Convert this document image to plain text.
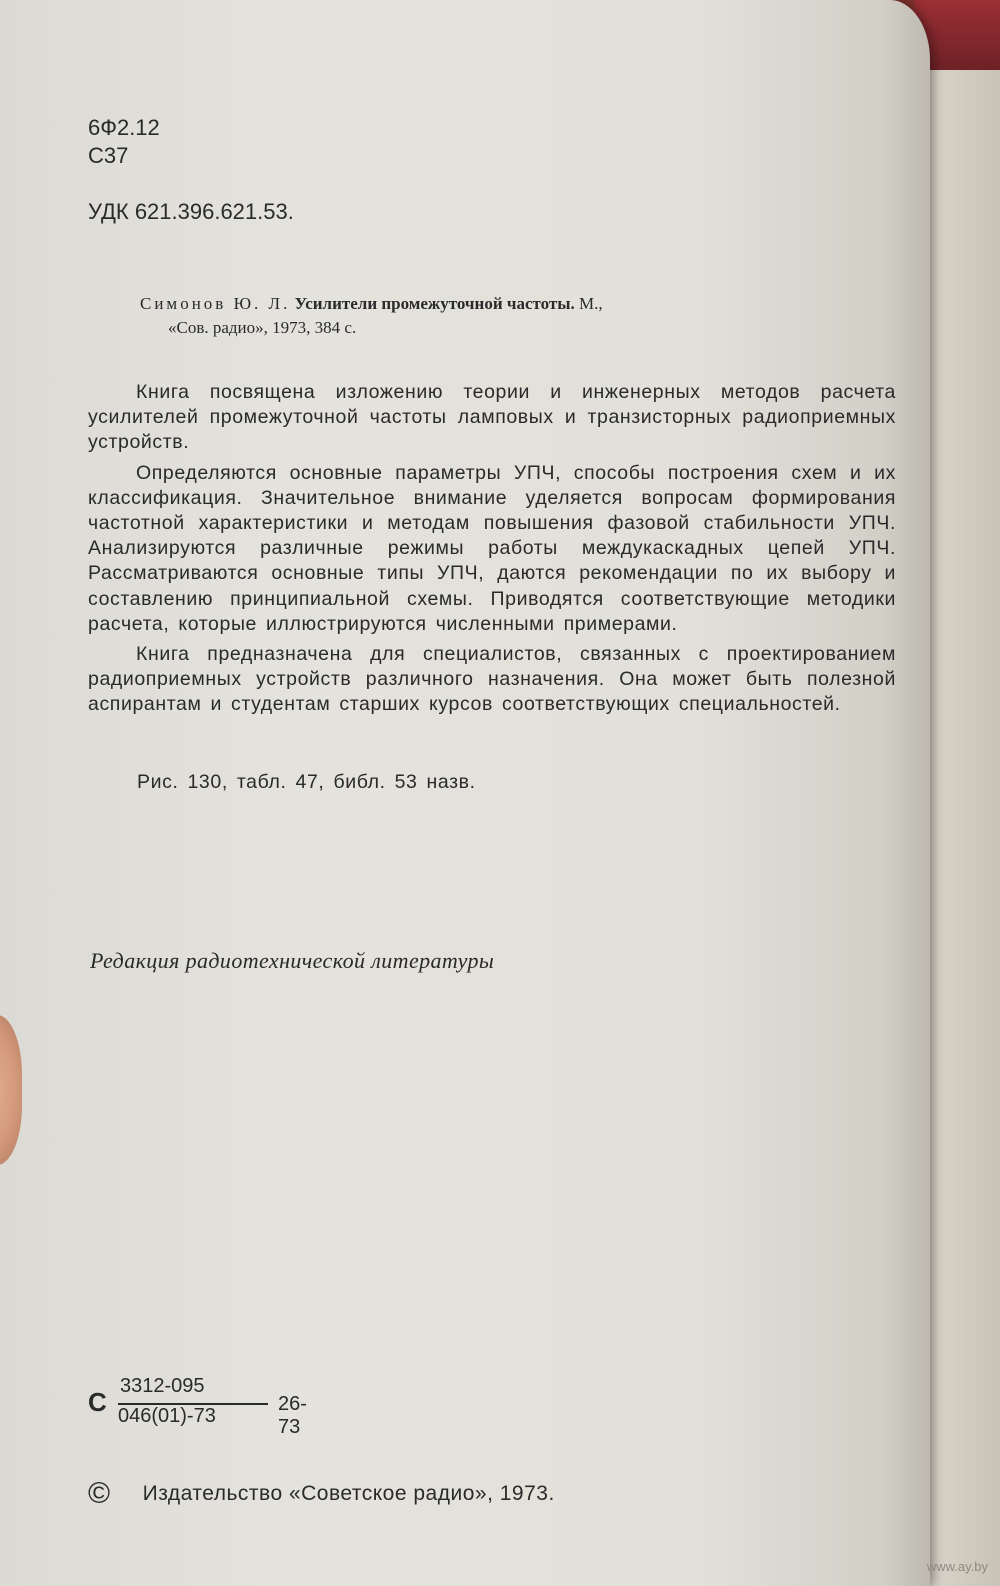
6Ф2.12
С37
УДК 621.396.621.53.
Симонов Ю. Л. Усилители промежуточной частоты. М.,
«Сов. радио», 1973, 384 с.

Книга посвящена изложению теории и инженерных методов расчета усилителей промежуточной частоты ламповых и транзисторных радиоприемных устройств.

Определяются основные параметры УПЧ, способы построения схем и их классификация. Значительное внимание уделяется вопросам формирования частотной характеристики и методам повышения фазовой стабильности УПЧ. Анализируются различные режимы работы междукаскадных цепей УПЧ. Рассматриваются основные типы УПЧ, даются рекомендации по их выбору и составлению принципиальной схемы. Приводятся соответствующие методики расчета, которые иллюстрируются численными примерами.

Книга предназначена для специалистов, связанных с проектированием радиоприемных устройств различного назначения. Она может быть полезной аспирантам и студентам старших курсов соответствующих специальностей.

Рис. 130, табл. 47, библ. 53 назв.
Редакция радиотехнической литературы
С
3312-095
046(01)-73
26-73
© Издательство «Советское радио», 1973.
www.ay.by
